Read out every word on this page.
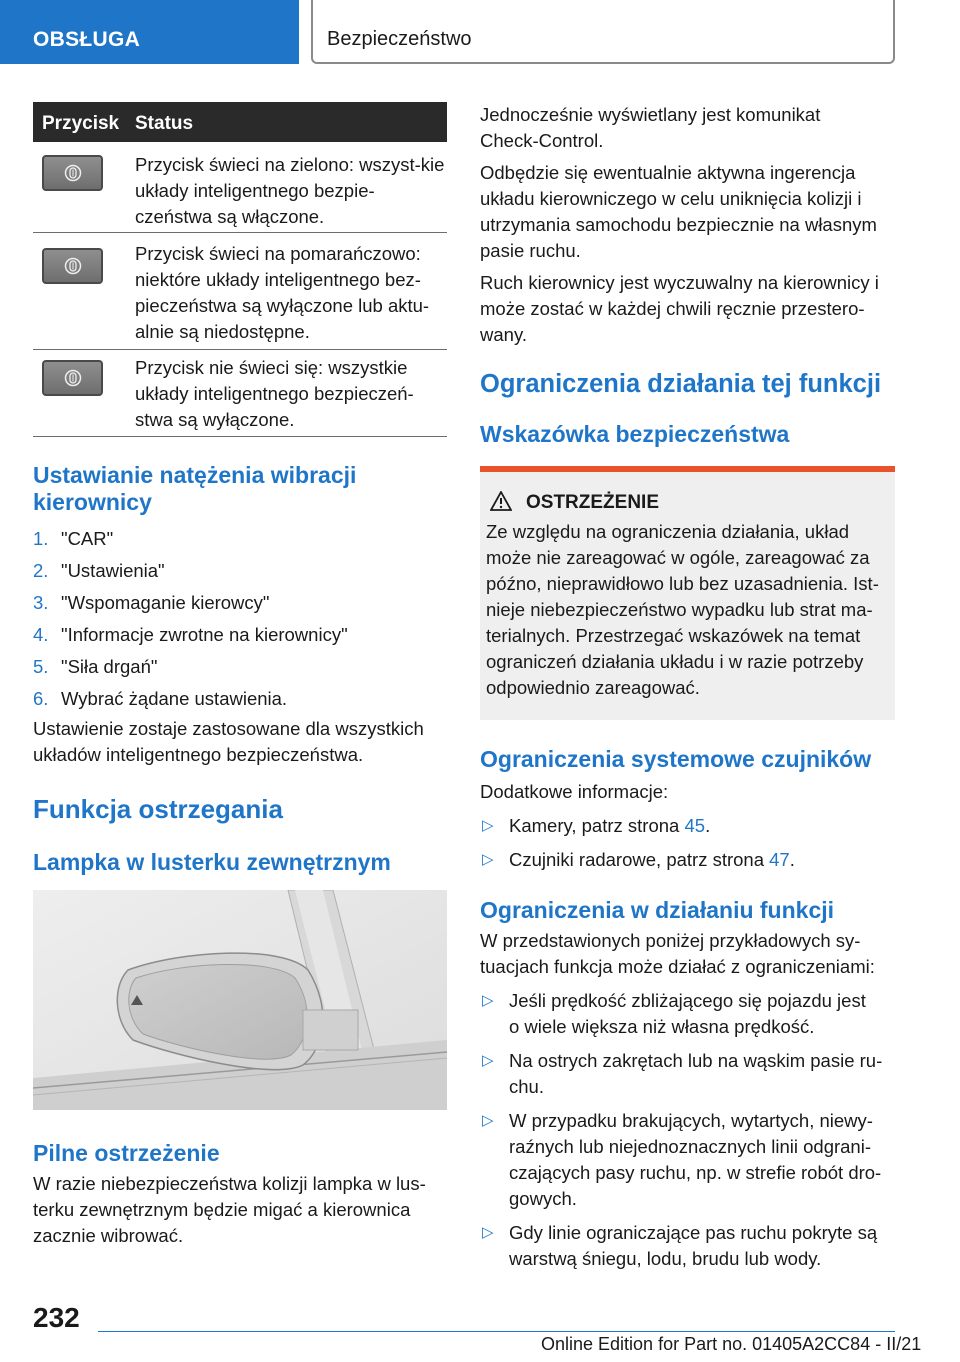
OBSŁUGA	Bezpieczeństwo
Przycisk Status
Przycisk świeci na zielono: wszyst-kie układy inteligentnego bezpie-czeństwa są włączone.
Przycisk świeci na pomarańczowo: niektóre układy inteligentnego bez-pieczeństwa są wyłączone lub aktu-alnie są niedostępne.
Przycisk nie świeci się: wszystkie układy inteligentnego bezpieczeń-stwa są wyłączone.
Ustawianie natężenia wibracji kierownicy
1. "CAR"
2. "Ustawienia"
3. "Wspomaganie kierowcy"
4. "Informacje zwrotne na kierownicy"
5. "Siła drgań"
6. Wybrać żądane ustawienia.
Ustawienie zostaje zastosowane dla wszystkich układów inteligentnego bezpieczeństwa.
Funkcja ostrzegania
Lampka w lusterku zewnętrznym
Pilne ostrzeżenie
W razie niebezpieczeństwa kolizji lampka w lus-terku zewnętrznym będzie migać a kierownica zacznie wibrować.
Jednocześnie wyświetlany jest komunikat Check-Control.
Odbędzie się ewentualnie aktywna ingerencja układu kierowniczego w celu uniknięcia kolizji i utrzymania samochodu bezpiecznie na własnym pasie ruchu.
Ruch kierownicy jest wyczuwalny na kierownicy i może zostać w każdej chwili ręcznie przestero-wany.
Ograniczenia działania tej funkcji
Wskazówka bezpieczeństwa
OSTRZEŻENIE
Ze względu na ograniczenia działania, układ może nie zareagować w ogóle, zareagować za późno, nieprawidłowo lub bez uzasadnienia. Ist-nieje niebezpieczeństwo wypadku lub strat ma-terialnych. Przestrzegać wskazówek na temat ograniczeń działania układu i w razie potrzeby odpowiednio zareagować.
Ograniczenia systemowe czujników
Dodatkowe informacje:
▷ Kamery, patrz strona 45.
▷ Czujniki radarowe, patrz strona 47.
Ograniczenia w działaniu funkcji
W przedstawionych poniżej przykładowych sy-tuacjach funkcja może działać z ograniczeniami:
▷ Jeśli prędkość zbliżającego się pojazdu jest o wiele większa niż własna prędkość.
▷ Na ostrych zakrętach lub na wąskim pasie ru-chu.
▷ W przypadku brakujących, wytartych, niewy-raźnych lub niejednoznacznych linii odgrani-czających pasy ruchu, np. w strefie robót dro-gowych.
▷ Gdy linie ograniczające pas ruchu pokryte są warstwą śniegu, lodu, brudu lub wody.
232
Online Edition for Part no. 01405A2CC84 - II/21
